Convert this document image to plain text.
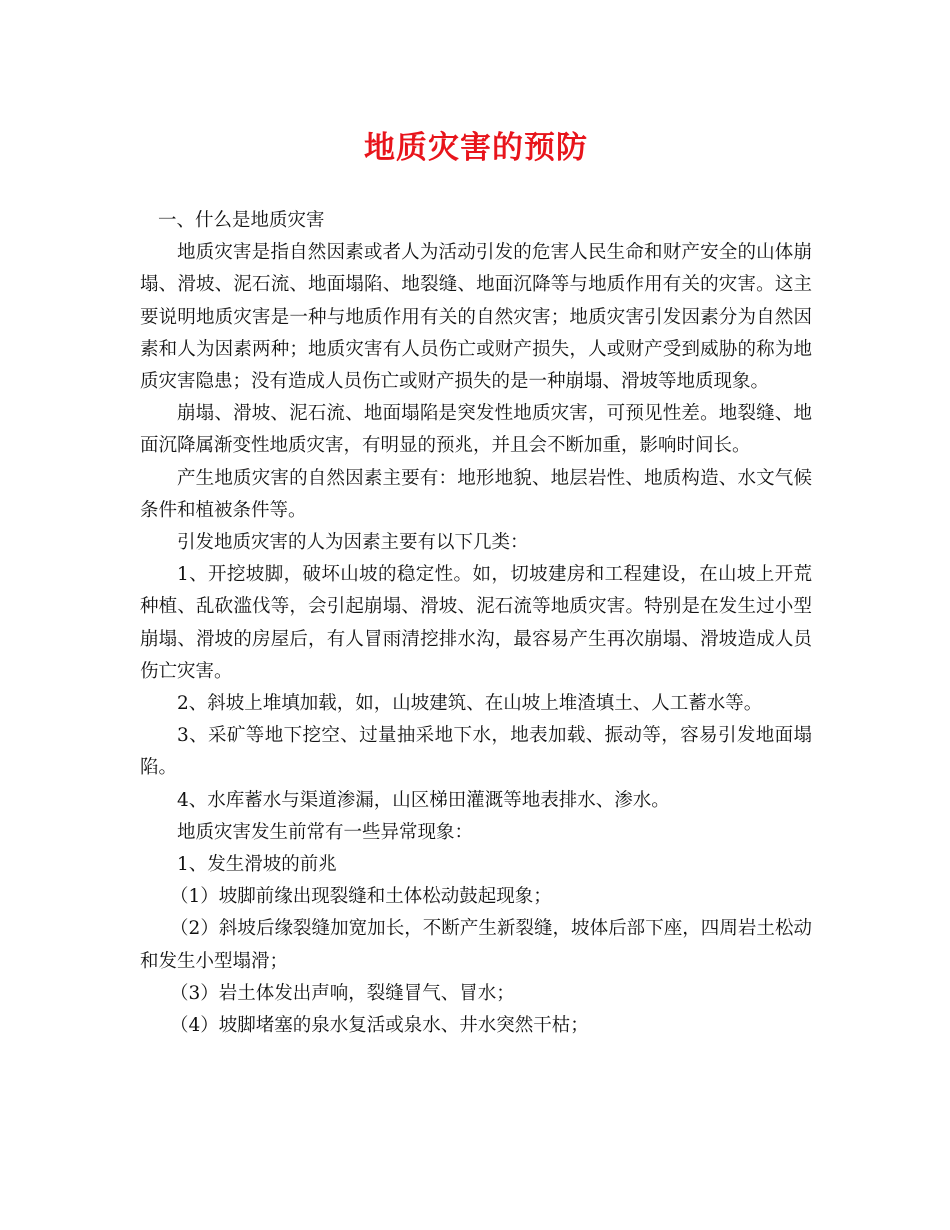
地质灾害的预防

一、什么是地质灾害

地质灾害是指自然因素或者人为活动引发的危害人民生命和财产安全的山体崩塌、滑坡、泥石流、地面塌陷、地裂缝、地面沉降等与地质作用有关的灾害。这主要说明地质灾害是一种与地质作用有关的自然灾害；地质灾害引发因素分为自然因素和人为因素两种；地质灾害有人员伤亡或财产损失，人或财产受到威胁的称为地质灾害隐患；没有造成人员伤亡或财产损失的是一种崩塌、滑坡等地质现象。

崩塌、滑坡、泥石流、地面塌陷是突发性地质灾害，可预见性差。地裂缝、地面沉降属渐变性地质灾害，有明显的预兆，并且会不断加重，影响时间长。

产生地质灾害的自然因素主要有：地形地貌、地层岩性、地质构造、水文气候条件和植被条件等。

引发地质灾害的人为因素主要有以下几类：

1、开挖坡脚，破坏山坡的稳定性。如，切坡建房和工程建设，在山坡上开荒种植、乱砍滥伐等，会引起崩塌、滑坡、泥石流等地质灾害。特别是在发生过小型崩塌、滑坡的房屋后，有人冒雨清挖排水沟，最容易产生再次崩塌、滑坡造成人员伤亡灾害。

2、斜坡上堆填加载，如，山坡建筑、在山坡上堆渣填土、人工蓄水等。

3、采矿等地下挖空、过量抽采地下水，地表加载、振动等，容易引发地面塌陷。

4、水库蓄水与渠道渗漏，山区梯田灌溉等地表排水、渗水。

地质灾害发生前常有一些异常现象：

1、发生滑坡的前兆

（1）坡脚前缘出现裂缝和土体松动鼓起现象；

（2）斜坡后缘裂缝加宽加长，不断产生新裂缝，坡体后部下座，四周岩土松动和发生小型塌滑；

（3）岩土体发出声响，裂缝冒气、冒水；

（4）坡脚堵塞的泉水复活或泉水、井水突然干枯；
